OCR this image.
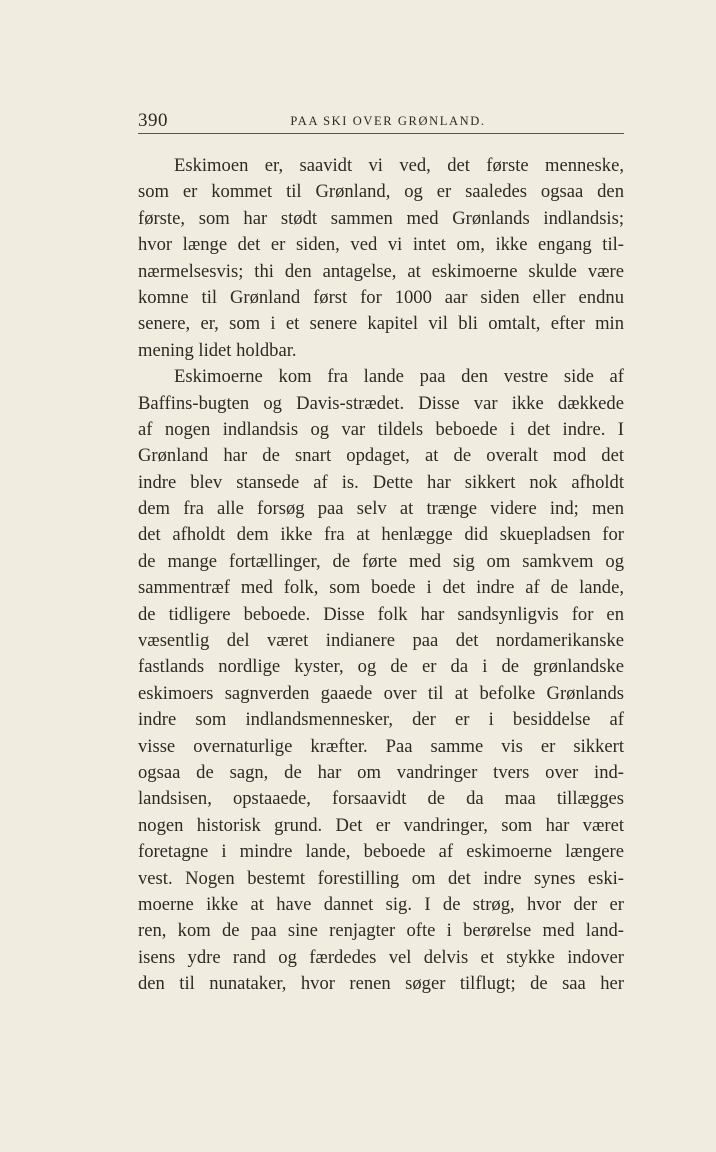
390	PAA SKI OVER GRØNLAND.
Eskimoen er, saavidt vi ved, det første menneske,
som er kommet til Grønland, og er saaledes ogsaa den
første, som har stødt sammen med Grønlands indlandsis;
hvor længe det er siden, ved vi intet om, ikke engang til-
nærmelsesvis; thi den antagelse, at eskimoerne skulde være
komne til Grønland først for 1000 aar siden eller endnu
senere, er, som i et senere kapitel vil bli omtalt, efter min
mening lidet holdbar.
Eskimoerne kom fra lande paa den vestre side af
Baffins-bugten og Davis-strædet. Disse var ikke dækkede
af nogen indlandsis og var tildels beboede i det indre. I
Grønland har de snart opdaget, at de overalt mod det
indre blev stansede af is. Dette har sikkert nok afholdt
dem fra alle forsøg paa selv at trænge videre ind; men
det afholdt dem ikke fra at henlægge did skuepladsen for
de mange fortællinger, de førte med sig om samkvem og
sammentræf med folk, som boede i det indre af de lande,
de tidligere beboede. Disse folk har sandsynligvis for en
væsentlig del været indianere paa det nordamerikanske
fastlands nordlige kyster, og de er da i de grønlandske
eskimoers sagnverden gaaede over til at befolke Grønlands
indre som indlandsmennesker, der er i besiddelse af
visse overnaturlige kræfter. Paa samme vis er sikkert
ogsaa de sagn, de har om vandringer tvers over ind-
landsisen, opstaaede, forsaavidt de da maa tillægges
nogen historisk grund. Det er vandringer, som har været
foretagne i mindre lande, beboede af eskimoerne længere
vest. Nogen bestemt forestilling om det indre synes eski-
moerne ikke at have dannet sig. I de strøg, hvor der er
ren, kom de paa sine renjagter ofte i berørelse med land-
isens ydre rand og færdedes vel delvis et stykke indover
den til nunataker, hvor renen søger tilflugt; de saa her
